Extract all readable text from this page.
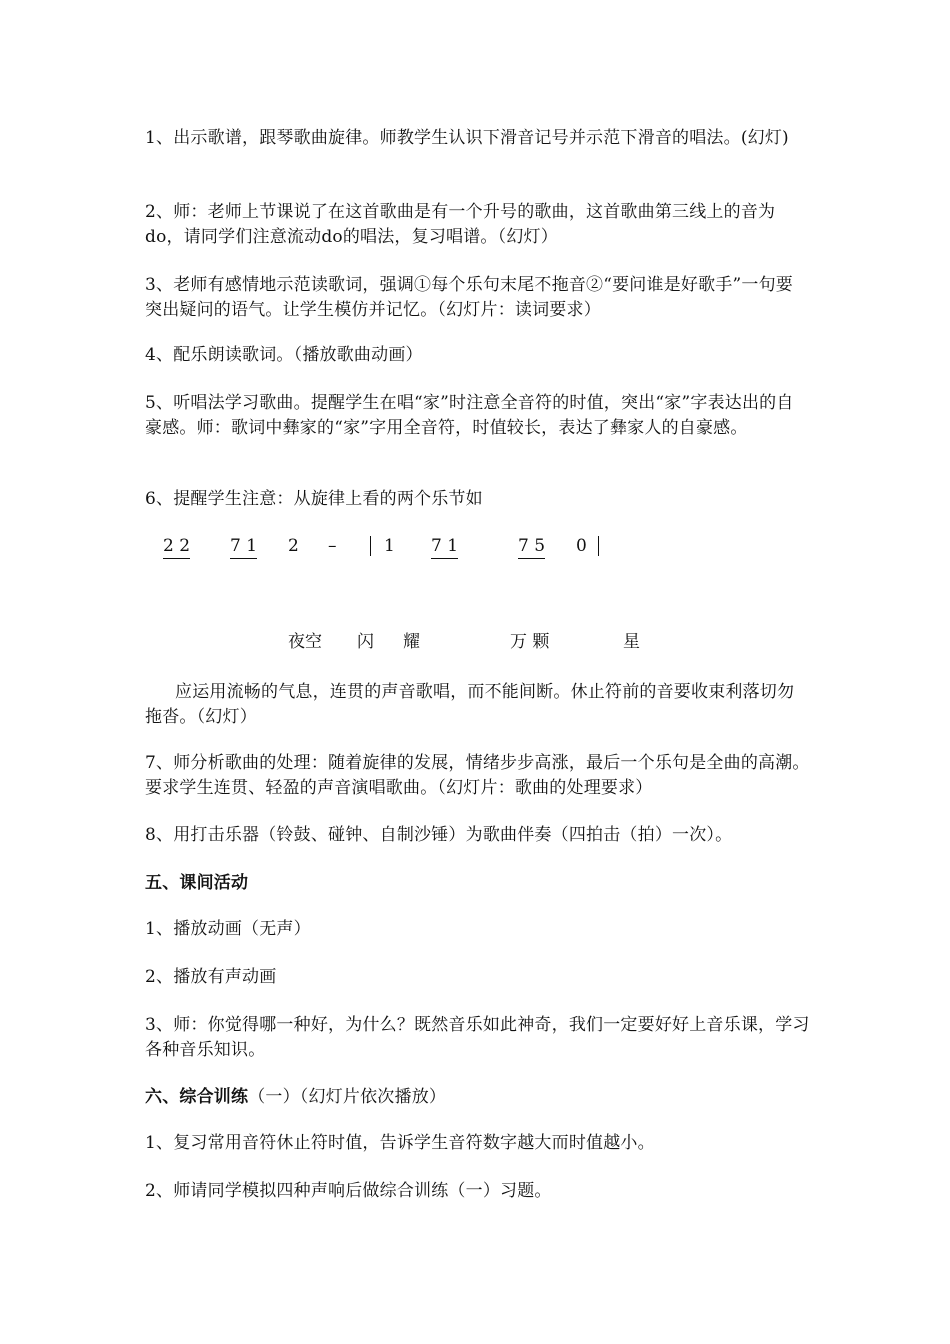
1、出示歌谱，跟琴歌曲旋律。师教学生认识下滑音记号并示范下滑音的唱法。(幻灯)

2、师：老师上节课说了在这首歌曲是有一个升号的歌曲，这首歌曲第三线上的音为do，请同学们注意流动do的唱法，复习唱谱。（幻灯）

3、老师有感情地示范读歌词，强调①每个乐句末尾不拖音②“要问谁是好歌手”一句要突出疑问的语气。让学生模仿并记忆。（幻灯片：读词要求）

4、配乐朗读歌词。（播放歌曲动画）

5、听唱法学习歌曲。提醒学生在唱“家”时注意全音符的时值，突出“家”字表达出的自豪感。师：歌词中彝家的“家”字用全音符，时值较长，表达了彝家人的自豪感。

6、提醒学生注意：从旋律上看的两个乐节如

2 2 7 1 2 –	1 7 1	7 5 0
夜空 闪 耀	万 颗	星

应运用流畅的气息，连贯的声音歌唱，而不能间断。休止符前的音要收束利落切勿拖沓。（幻灯）

7、师分析歌曲的处理：随着旋律的发展，情绪步步高涨，最后一个乐句是全曲的高潮。要求学生连贯、轻盈的声音演唱歌曲。（幻灯片：歌曲的处理要求）

8、用打击乐器（铃鼓、碰钟、自制沙锤）为歌曲伴奏（四拍击（拍）一次）。

五、课间活动

1、播放动画（无声）

2、播放有声动画

3、师：你觉得哪一种好，为什么？既然音乐如此神奇，我们一定要好好上音乐课，学习各种音乐知识。

六、综合训练（一）（幻灯片依次播放）

1、复习常用音符休止符时值，告诉学生音符数字越大而时值越小。

2、师请同学模拟四种声响后做综合训练（一）习题。
